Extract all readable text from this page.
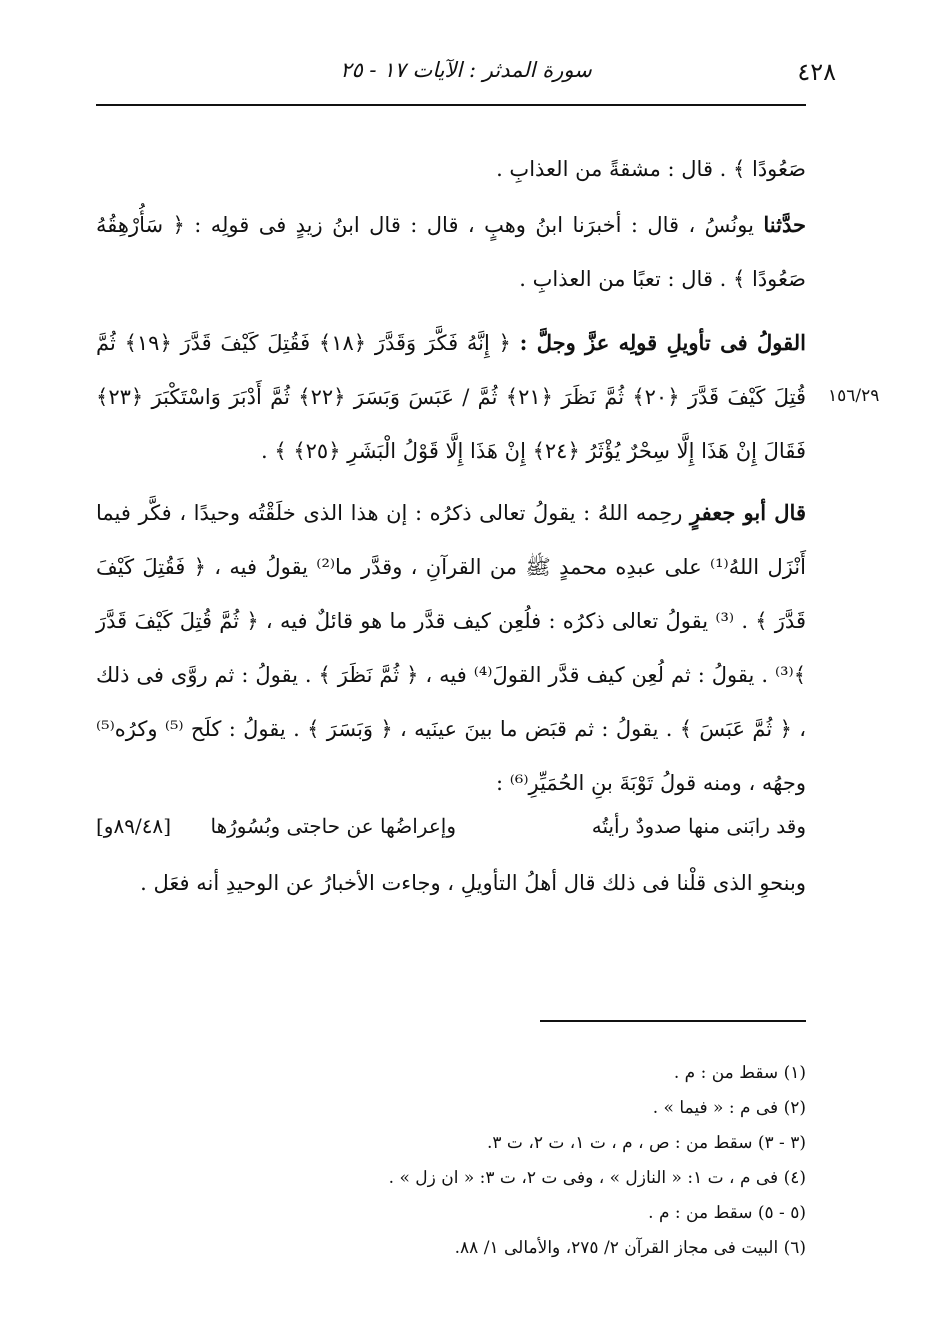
٤٢٨
سورة المدثر : الآيات ١٧ - ٢٥
١٥٦/٢٩

صَعُودًا ﴾ . قال : مشقةً من العذابِ .

حدَّثنا يونُسُ ، قال : أخبرَنا ابنُ وهبٍ ، قال : قال ابنُ زيدٍ فى قولِه : ﴿ سَأُرْهِقُهُ صَعُودًا ﴾ . قال : تعبًا من العذابِ .

القولُ فى تأويلِ قولِه عزَّ وجلَّ : ﴿ إِنَّهُ فَكَّرَ وَقَدَّرَ ﴿١٨﴾ فَقُتِلَ كَيْفَ قَدَّرَ ﴿١٩﴾ ثُمَّ قُتِلَ كَيْفَ قَدَّرَ ﴿٢٠﴾ ثُمَّ نَظَرَ ﴿٢١﴾ ثُمَّ / عَبَسَ وَبَسَرَ ﴿٢٢﴾ ثُمَّ أَدْبَرَ وَاسْتَكْبَرَ ﴿٢٣﴾ فَقَالَ إِنْ هَذَا إِلَّا سِحْرٌ يُؤْثَرُ ﴿٢٤﴾ إِنْ هَذَا إِلَّا قَوْلُ الْبَشَرِ ﴿٢٥﴾ ﴾ .

قال أبو جعفرٍ رحِمه اللهُ : يقولُ تعالى ذكرُه : إن هذا الذى خلَقْتُه وحيدًا ، فكَّر فيما أَنْزَل اللهُ⁽¹⁾ على عبدِه محمدٍ ﷺ من القرآنِ ، وقدَّر ما⁽²⁾ يقولُ فيه ، ﴿ فَقُتِلَ كَيْفَ قَدَّرَ ﴾ . ⁽³⁾ يقولُ تعالى ذكرُه : فلُعِن كيف قدَّر ما هو قائلٌ فيه ، ﴿ ثُمَّ قُتِلَ كَيْفَ قَدَّرَ ﴾⁽³⁾ . يقولُ : ثم لُعِن كيف قدَّر القولَ⁽⁴⁾ فيه ، ﴿ ثُمَّ نَظَرَ ﴾ . يقولُ : ثم روَّى فى ذلك ، ﴿ ثُمَّ عَبَسَ ﴾ . يقولُ : ثم قبَض ما بينَ عينَيه ، ﴿ وَبَسَرَ ﴾ . يقولُ : كلَح ⁽⁵⁾ وكرُه⁽⁵⁾ وجهُه ، ومنه قولُ تَوْبَةَ بنِ الحُمَيِّرِ⁽⁶⁾ :

وقد رابَنى منها صدودٌ رأيتُه
وإعراضُها عن حاجتى وبُسُورُها
[٨٩/٤٨و]

وبنحوِ الذى قلْنا فى ذلك قال أهلُ التأويلِ ، وجاءت الأخبارُ عن الوحيدِ أنه فعَل .

(١) سقط من : م .
(٢) فى م : « فيما » .
(٣ - ٣) سقط من : ص ، م ، ت ١، ت ٢، ت ٣.
(٤) فى م ، ت ١: « النازل » ، وفى ت ٢، ت ٣: « ان زل » .
(٥ - ٥) سقط من : م .
(٦) البيت فى مجاز القرآن ٢/ ٢٧٥، والأمالى ١/ ٨٨.
